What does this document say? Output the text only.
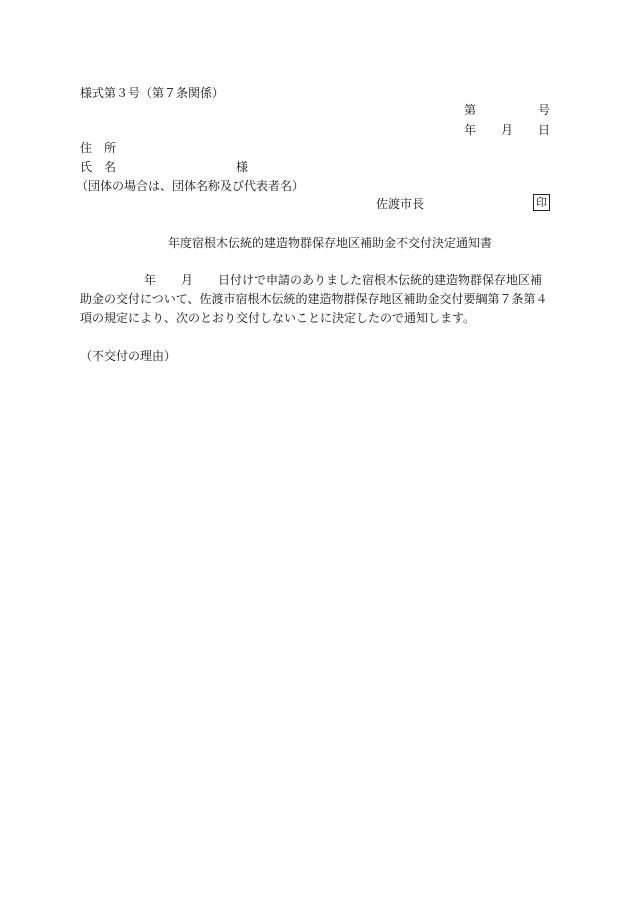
様式第３号（第７条関係）
第	号
年 月 日
住　所
氏　名	様
（団体の場合は、団体名称及び代表者名）
佐渡市長	印
年度宿根木伝統的建造物群保存地区補助金不交付決定通知書
年 月 日付けで申請のありました宿根木伝統的建造物群保存地区補
助金の交付について、佐渡市宿根木伝統的建造物群保存地区補助金交付要綱第７条第４
項の規定により、次のとおり交付しないことに決定したので通知します。
（不交付の理由）
